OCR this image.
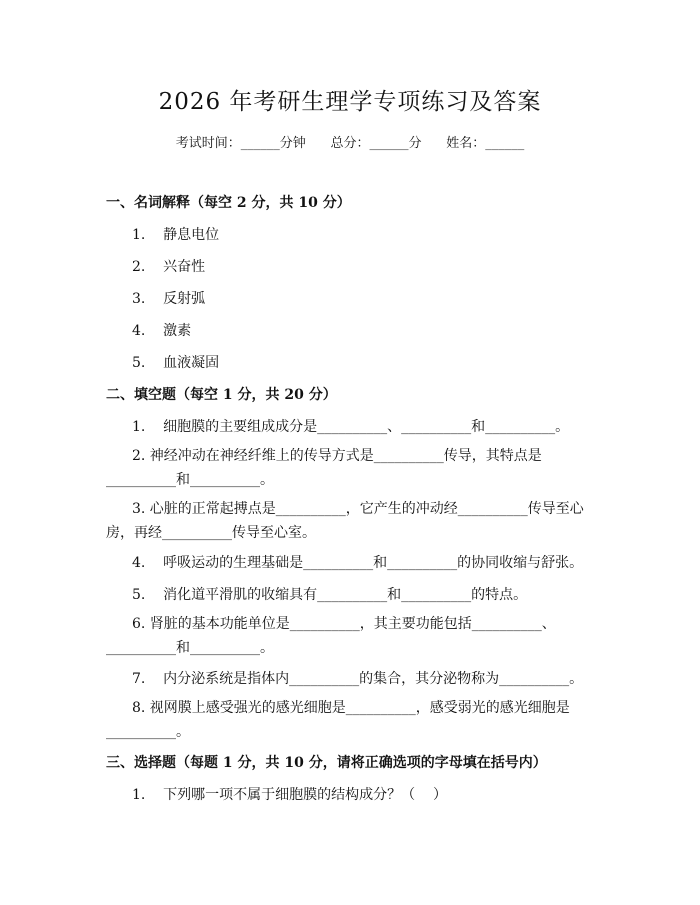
2026 年考研生理学专项练习及答案
考试时间：______分钟      总分：______分      姓名：______
一、名词解释（每空 2 分，共 10 分）
1.    静息电位
2.    兴奋性
3.    反射弧
4.    激素
5.    血液凝固
二、填空题（每空 1 分，共 20 分）
1.    细胞膜的主要组成成分是__________、__________和__________。
2. 神经冲动在神经纤维上的传导方式是__________传导，其特点是__________和__________。
3. 心脏的正常起搏点是__________，它产生的冲动经__________传导至心房，再经__________传导至心室。
4.    呼吸运动的生理基础是__________和__________的协同收缩与舒张。
5.    消化道平滑肌的收缩具有__________和__________的特点。
6. 肾脏的基本功能单位是__________，其主要功能包括__________、__________和__________。
7.    内分泌系统是指体内__________的集合，其分泌物称为__________。
8. 视网膜上感受强光的感光细胞是__________，感受弱光的感光细胞是__________。
三、选择题（每题 1 分，共 10 分，请将正确选项的字母填在括号内）
1.    下列哪一项不属于细胞膜的结构成分？（    ）
